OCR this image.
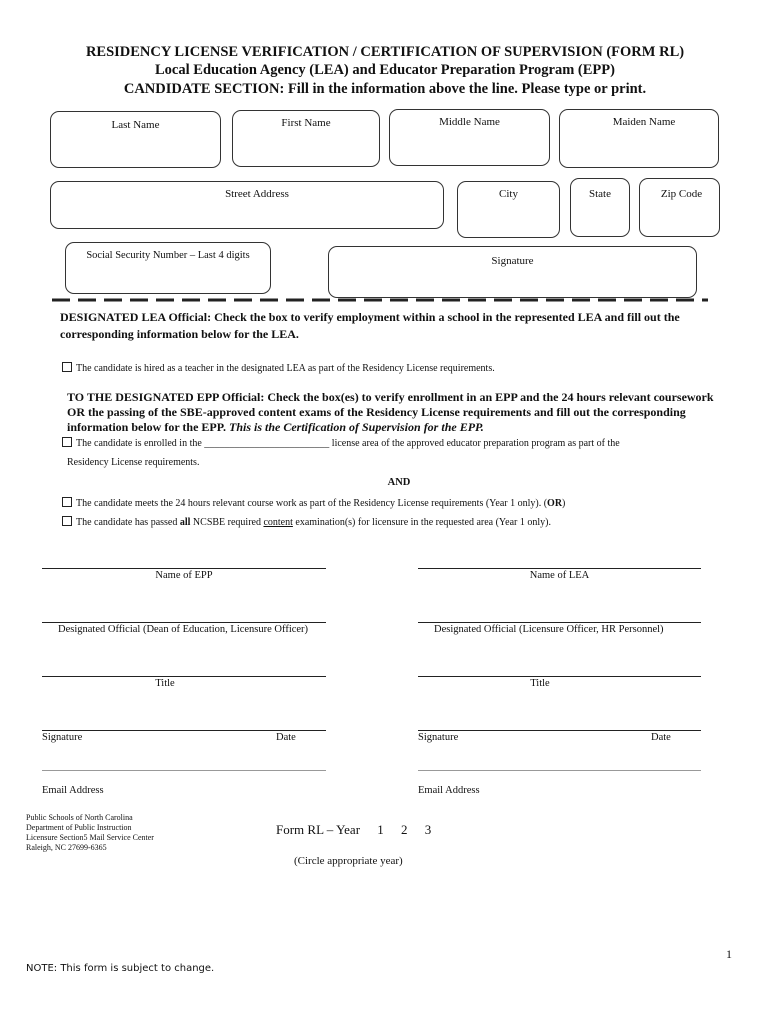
RESIDENCY LICENSE VERIFICATION / CERTIFICATION OF SUPERVISION (FORM RL)
Local Education Agency (LEA) and Educator Preparation Program (EPP)
CANDIDATE SECTION: Fill in the information above the line. Please type or print.
Last Name	First Name	Middle Name	Maiden Name
Street Address	City	State	Zip Code
Social Security Number – Last 4 digits	Signature
DESIGNATED LEA Official: Check the box to verify employment within a school in the represented LEA and fill out the corresponding information below for the LEA.
The candidate is hired as a teacher in the designated LEA as part of the Residency License requirements.
TO THE DESIGNATED EPP Official: Check the box(es) to verify enrollment in an EPP and the 24 hours relevant coursework OR the passing of the SBE-approved content exams of the Residency License requirements and fill out the corresponding information below for the EPP. This is the Certification of Supervision for the EPP.
The candidate is enrolled in the _________________________ license area of the approved educator preparation program as part of the
Residency License requirements.
AND
The candidate meets the 24 hours relevant course work as part of the Residency License requirements (Year 1 only). (OR)
The candidate has passed all NCSBE required content examination(s) for licensure in the requested area (Year 1 only).
Name of EPP
Designated Official (Dean of Education, Licensure Officer)
Title
Signature	Date
Email Address
Name of LEA
Designated Official (Licensure Officer, HR Personnel)
Title
Signature	Date
Email Address
Public Schools of North Carolina
Department of Public Instruction
Licensure Section5 Mail Service Center
Raleigh, NC 27699-6365
Form RL – Year 1 2 3
(Circle appropriate year)
1
NOTE: This form is subject to change.
